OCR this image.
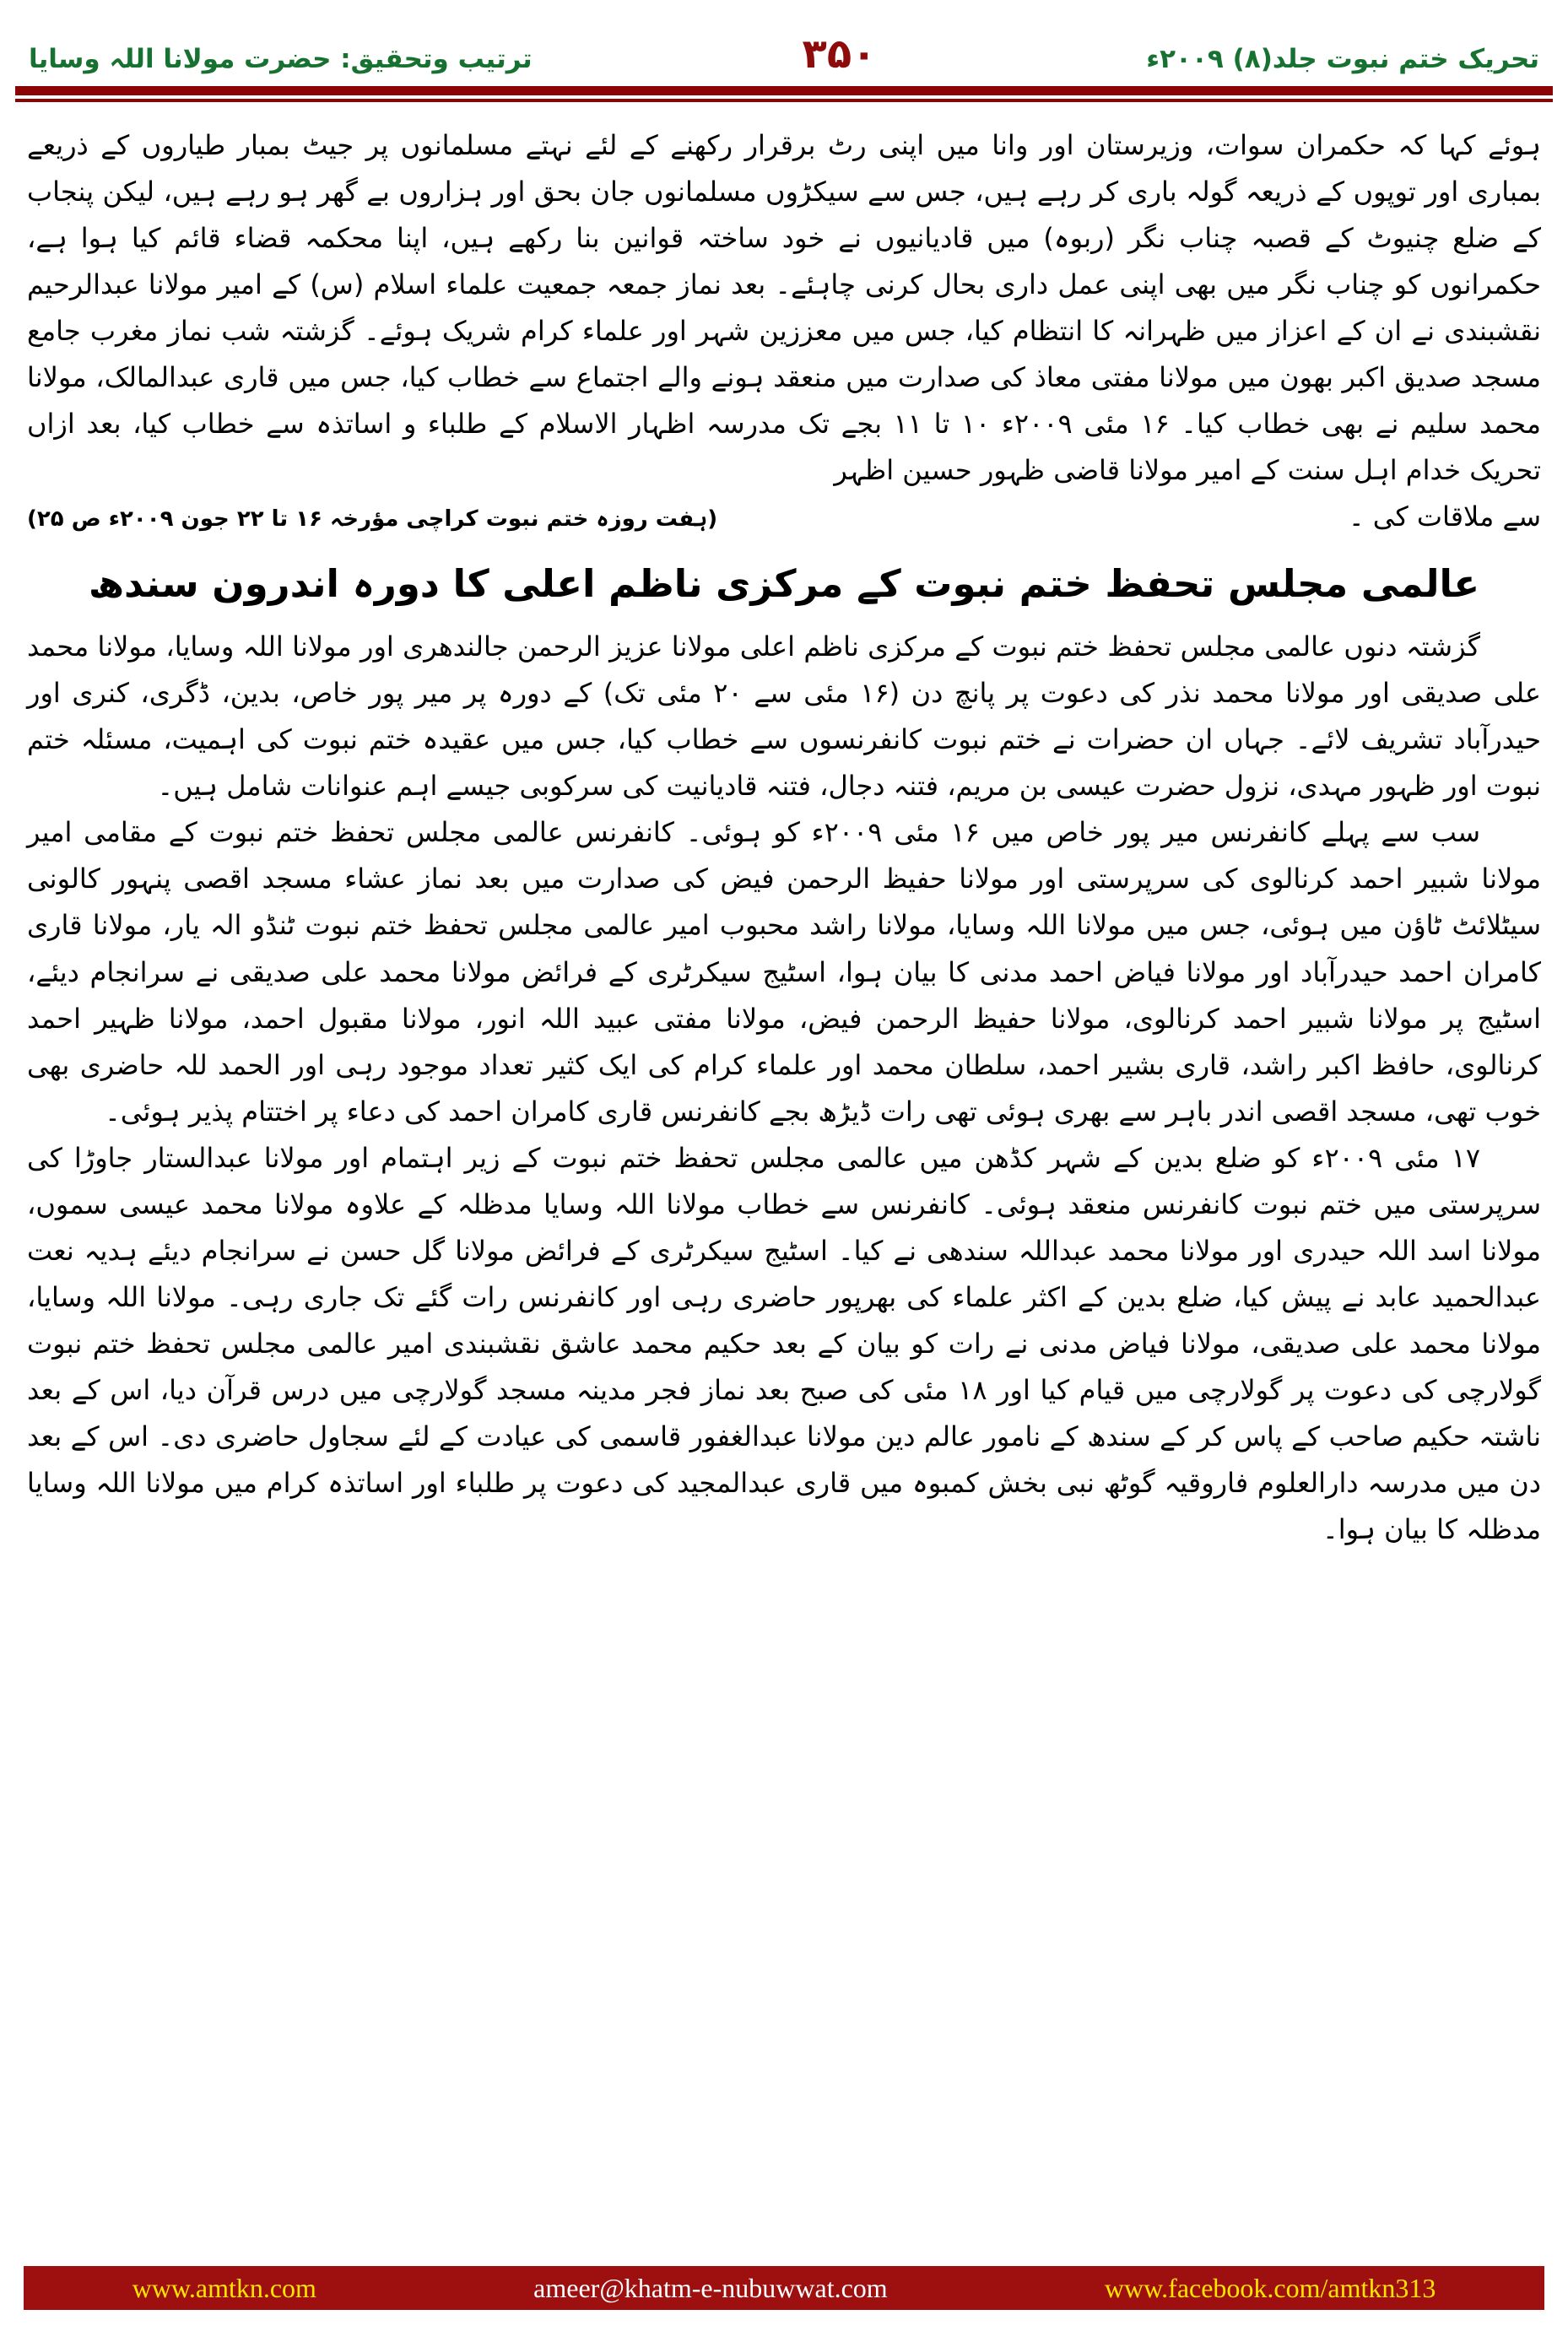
تحریک ختم نبوت جلد(۸) ۲۰۰۹ء
۳۵۰
ترتیب وتحقیق: حضرت مولانا اللہ وسایا

ہوئے کہا کہ حکمران سوات، وزیرستان اور وانا میں اپنی رٹ برقرار رکھنے کے لئے نہتے مسلمانوں پر جیٹ بمبار طیاروں کے ذریعے بمباری اور توپوں کے ذریعہ گولہ باری کر رہے ہیں، جس سے سیکڑوں مسلمانوں جان بحق اور ہزاروں بے گھر ہو رہے ہیں، لیکن پنجاب کے ضلع چنیوٹ کے قصبہ چناب نگر (ربوہ) میں قادیانیوں نے خود ساختہ قوانین بنا رکھے ہیں، اپنا محکمہ قضاء قائم کیا ہوا ہے، حکمرانوں کو چناب نگر میں بھی اپنی عمل داری بحال کرنی چاہئے۔ بعد نماز جمعہ جمعیت علماء اسلام (س) کے امیر مولانا عبدالرحیم نقشبندی نے ان کے اعزاز میں ظہرانہ کا انتظام کیا، جس میں معززین شہر اور علماء کرام شریک ہوئے۔ گزشتہ شب نماز مغرب جامع مسجد صدیق اکبر بھون میں مولانا مفتی معاذ کی صدارت میں منعقد ہونے والے اجتماع سے خطاب کیا، جس میں قاری عبدالمالک، مولانا محمد سلیم نے بھی خطاب کیا۔ ۱۶ مئی ۲۰۰۹ء ۱۰ تا ۱۱ بجے تک مدرسہ اظہار الاسلام کے طلباء و اساتذہ سے خطاب کیا، بعد ازاں تحریک خدام اہل سنت کے امیر مولانا قاضی ظہور حسین اظہر

سے ملاقات کی ۔
(ہفت روزہ ختم نبوت کراچی مؤرخہ ۱۶ تا ۲۲ جون ۲۰۰۹ء ص ۲۵)
عالمی مجلس تحفظ ختم نبوت کے مرکزی ناظم اعلی کا دورہ اندرون سندھ

گزشتہ دنوں عالمی مجلس تحفظ ختم نبوت کے مرکزی ناظم اعلی مولانا عزیز الرحمن جالندھری اور مولانا اللہ وسایا، مولانا محمد علی صدیقی اور مولانا محمد نذر کی دعوت پر پانچ دن (۱۶ مئی سے ۲۰ مئی تک) کے دورہ پر میر پور خاص، بدین، ڈگری، کنری اور حیدرآباد تشریف لائے۔ جہاں ان حضرات نے ختم نبوت کانفرنسوں سے خطاب کیا، جس میں عقیدہ ختم نبوت کی اہمیت، مسئلہ ختم نبوت اور ظہور مہدی، نزول حضرت عیسی بن مریم، فتنہ دجال، فتنہ قادیانیت کی سرکوبی جیسے اہم عنوانات شامل ہیں۔

سب سے پہلے کانفرنس میر پور خاص میں ۱۶ مئی ۲۰۰۹ء کو ہوئی۔ کانفرنس عالمی مجلس تحفظ ختم نبوت کے مقامی امیر مولانا شبیر احمد کرنالوی کی سرپرستی اور مولانا حفیظ الرحمن فیض کی صدارت میں بعد نماز عشاء مسجد اقصی پنہور کالونی سیٹلائٹ ٹاؤن میں ہوئی، جس میں مولانا اللہ وسایا، مولانا راشد محبوب امیر عالمی مجلس تحفظ ختم نبوت ٹنڈو الہ یار، مولانا قاری کامران احمد حیدرآباد اور مولانا فیاض احمد مدنی کا بیان ہوا، اسٹیج سیکرٹری کے فرائض مولانا محمد علی صدیقی نے سرانجام دیئے، اسٹیج پر مولانا شبیر احمد کرنالوی، مولانا حفیظ الرحمن فیض، مولانا مفتی عبید اللہ انور، مولانا مقبول احمد، مولانا ظہیر احمد کرنالوی، حافظ اکبر راشد، قاری بشیر احمد، سلطان محمد اور علماء کرام کی ایک کثیر تعداد موجود رہی اور الحمد للہ حاضری بھی خوب تھی، مسجد اقصی اندر باہر سے بھری ہوئی تھی رات ڈیڑھ بجے کانفرنس قاری کامران احمد کی دعاء پر اختتام پذیر ہوئی۔

۱۷ مئی ۲۰۰۹ء کو ضلع بدین کے شہر کڈھن میں عالمی مجلس تحفظ ختم نبوت کے زیر اہتمام اور مولانا عبدالستار جاوڑا کی سرپرستی میں ختم نبوت کانفرنس منعقد ہوئی۔ کانفرنس سے خطاب مولانا اللہ وسایا مدظلہ کے علاوہ مولانا محمد عیسی سموں، مولانا اسد اللہ حیدری اور مولانا محمد عبداللہ سندھی نے کیا۔ اسٹیج سیکرٹری کے فرائض مولانا گل حسن نے سرانجام دیئے ہدیہ نعت عبدالحمید عابد نے پیش کیا، ضلع بدین کے اکثر علماء کی بھرپور حاضری رہی اور کانفرنس رات گئے تک جاری رہی۔ مولانا اللہ وسایا، مولانا محمد علی صدیقی، مولانا فیاض مدنی نے رات کو بیان کے بعد حکیم محمد عاشق نقشبندی امیر عالمی مجلس تحفظ ختم نبوت گولارچی کی دعوت پر گولارچی میں قیام کیا اور ۱۸ مئی کی صبح بعد نماز فجر مدینہ مسجد گولارچی میں درس قرآن دیا، اس کے بعد ناشتہ حکیم صاحب کے پاس کر کے سندھ کے نامور عالم دین مولانا عبدالغفور قاسمی کی عیادت کے لئے سجاول حاضری دی۔ اس کے بعد دن میں مدرسہ دارالعلوم فاروقیہ گوٹھ نبی بخش کمبوہ میں قاری عبدالمجید کی دعوت پر طلباء اور اساتذہ کرام میں مولانا اللہ وسایا مدظلہ کا بیان ہوا۔

www.amtkn.com	ameer@khatm-e-nubuwwat.com	www.facebook.com/amtkn313
